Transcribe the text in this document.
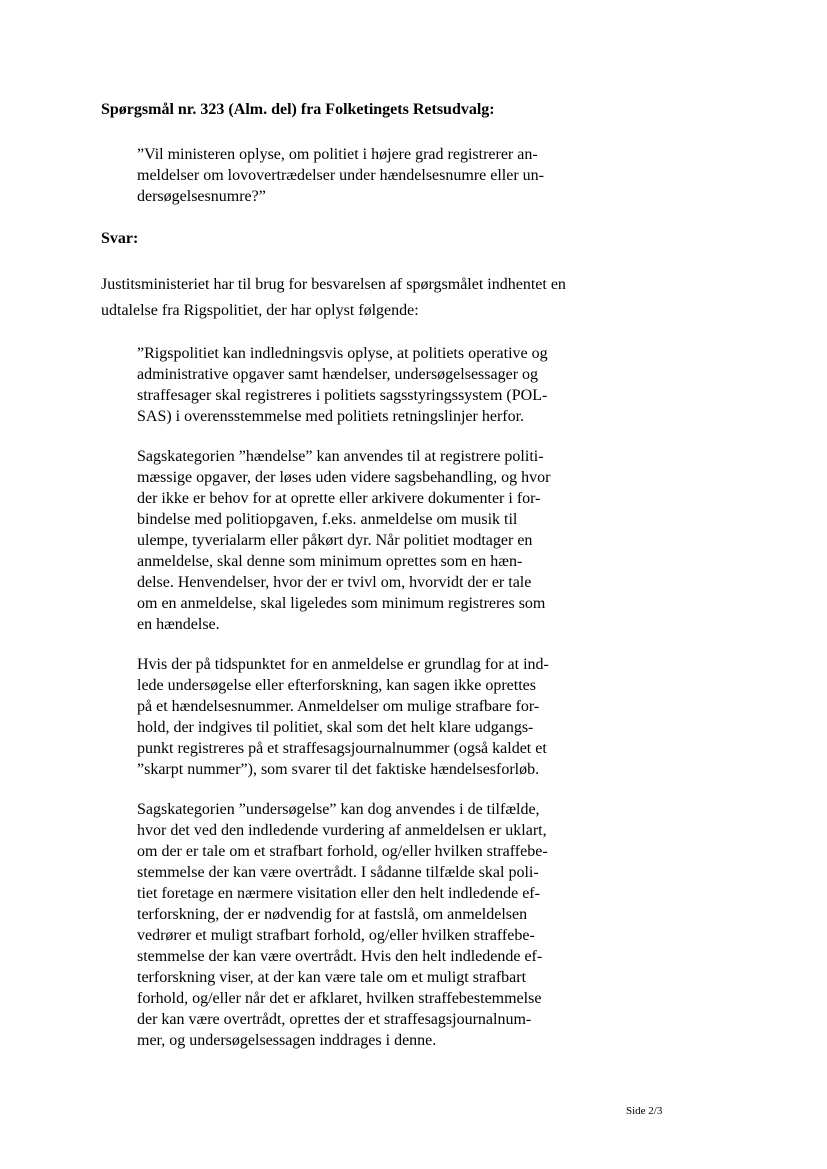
Spørgsmål nr. 323 (Alm. del) fra Folketingets Retsudvalg:

”Vil ministeren oplyse, om politiet i højere grad registrerer an-
meldelser om lovovertrædelser under hændelsesnumre eller un-
dersøgelsesnumre?”

Svar:

Justitsministeriet har til brug for besvarelsen af spørgsmålet indhentet en
udtalelse fra Rigspolitiet, der har oplyst følgende:

”Rigspolitiet kan indledningsvis oplyse, at politiets operative og
administrative opgaver samt hændelser, undersøgelsessager og
straffesager skal registreres i politiets sagsstyringssystem (POL-
SAS) i overensstemmelse med politiets retningslinjer herfor.

Sagskategorien ”hændelse” kan anvendes til at registrere politi-
mæssige opgaver, der løses uden videre sagsbehandling, og hvor
der ikke er behov for at oprette eller arkivere dokumenter i for-
bindelse med politiopgaven, f.eks. anmeldelse om musik til
ulempe, tyverialarm eller påkørt dyr. Når politiet modtager en
anmeldelse, skal denne som minimum oprettes som en hæn-
delse. Henvendelser, hvor der er tvivl om, hvorvidt der er tale
om en anmeldelse, skal ligeledes som minimum registreres som
en hændelse.

Hvis der på tidspunktet for en anmeldelse er grundlag for at ind-
lede undersøgelse eller efterforskning, kan sagen ikke oprettes
på et hændelsesnummer. Anmeldelser om mulige strafbare for-
hold, der indgives til politiet, skal som det helt klare udgangs-
punkt registreres på et straffesagsjournalnummer (også kaldet et
”skarpt nummer”), som svarer til det faktiske hændelsesforløb.

Sagskategorien ”undersøgelse” kan dog anvendes i de tilfælde,
hvor det ved den indledende vurdering af anmeldelsen er uklart,
om der er tale om et strafbart forhold, og/eller hvilken straffebe-
stemmelse der kan være overtrådt. I sådanne tilfælde skal poli-
tiet foretage en nærmere visitation eller den helt indledende ef-
terforskning, der er nødvendig for at fastslå, om anmeldelsen
vedrører et muligt strafbart forhold, og/eller hvilken straffebe-
stemmelse der kan være overtrådt. Hvis den helt indledende ef-
terforskning viser, at der kan være tale om et muligt strafbart
forhold, og/eller når det er afklaret, hvilken straffebestemmelse
der kan være overtrådt, oprettes der et straffesagsjournalnum-
mer, og undersøgelsessagen inddrages i denne.

Side 2/3
